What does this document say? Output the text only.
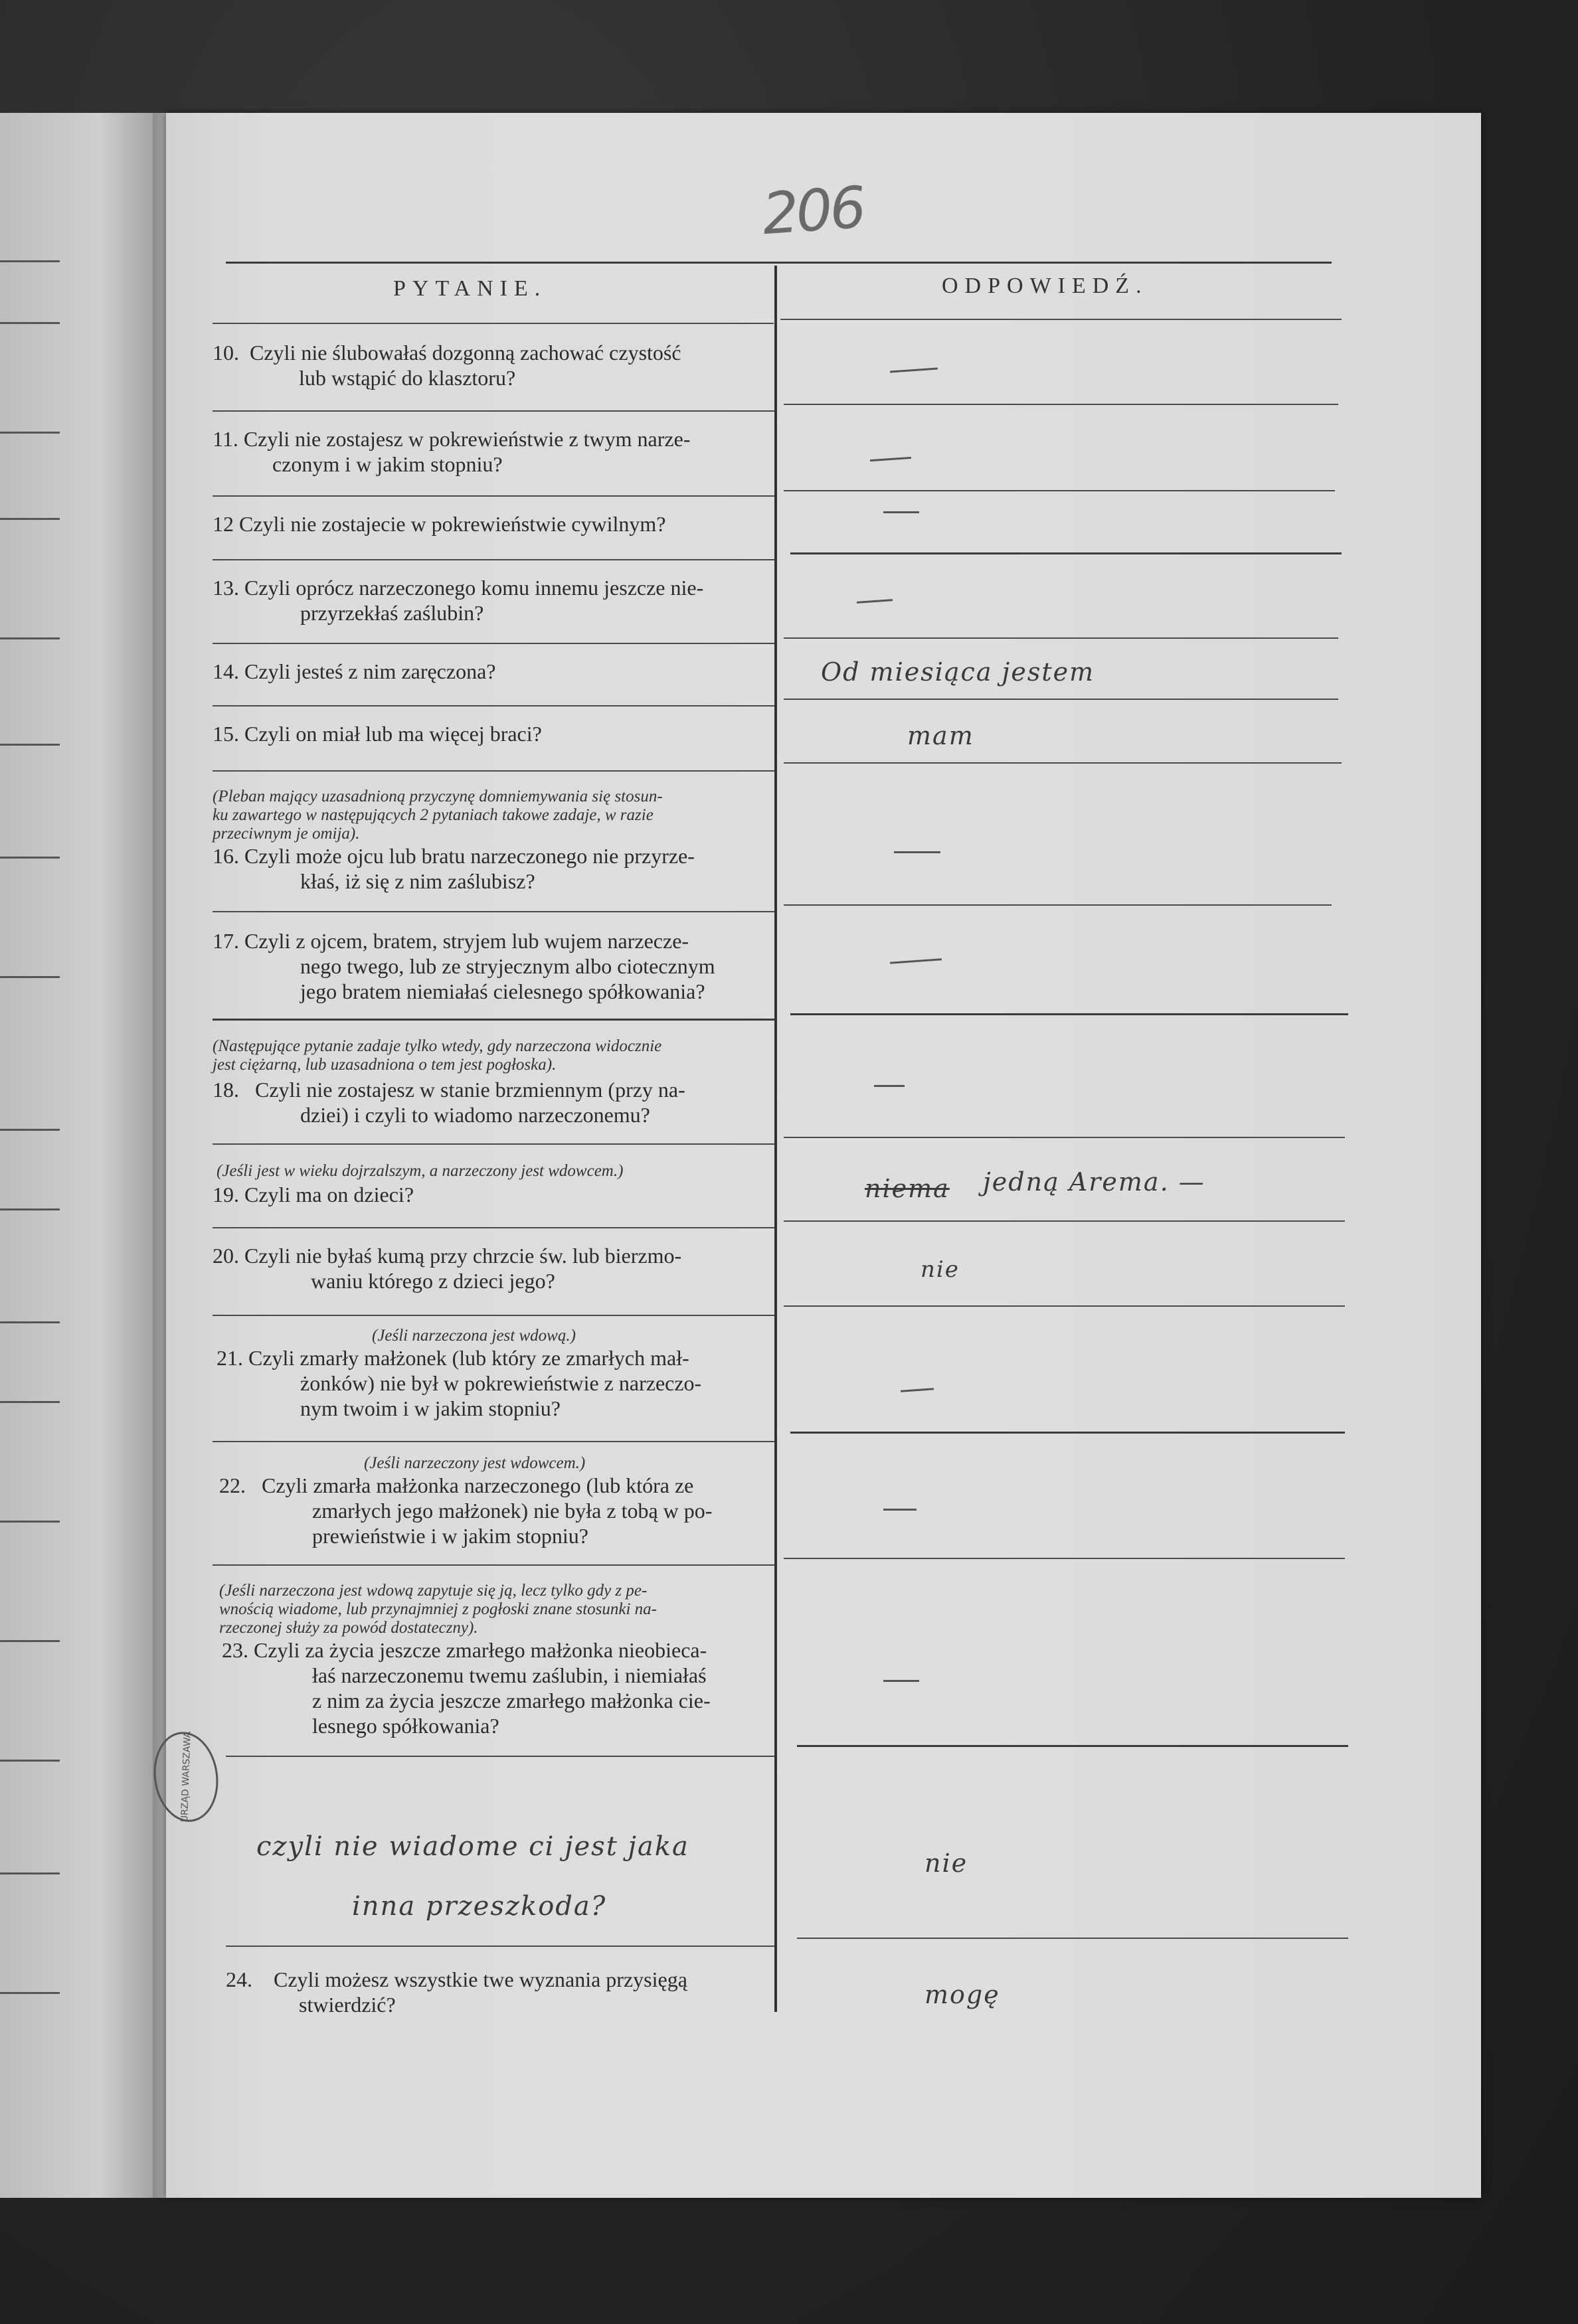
206
PYTANIE.	ODPOWIEDŹ.
10. Czyli nie ślubowałaś dozgonną zachować czystość
lub wstąpić do klasztoru?
11. Czyli nie zostajesz w pokrewieństwie z twym narze-
czonym i w jakim stopniu?
12 Czyli nie zostajecie w pokrewieństwie cywilnym?
13. Czyli oprócz narzeczonego komu innemu jeszcze nie-
przyrzekłaś zaślubin?
14. Czyli jesteś z nim zaręczona?
15. Czyli on miał lub ma więcej braci?
(Pleban mający uzasadnioną przyczynę domniemywania się stosun-
ku zawartego w następujących 2 pytaniach takowe zadaje, w razie
przeciwnym je omija).
16. Czyli może ojcu lub bratu narzeczonego nie przyrze-
kłaś, iż się z nim zaślubisz?
17. Czyli z ojcem, bratem, stryjem lub wujem narzecze-
nego twego, lub ze stryjecznym albo ciotecznym
jego bratem niemiałaś cielesnego spółkowania?
(Następujące pytanie zadaje tylko wtedy, gdy narzeczona widocznie
jest ciężarną, lub uzasadniona o tem jest pogłoska).
18. Czyli nie zostajesz w stanie brzmiennym (przy na-
dziei) i czyli to wiadomo narzeczonemu?
(Jeśli jest w wieku dojrzalszym, a narzeczony jest wdowcem.)
19. Czyli ma on dzieci?
20. Czyli nie byłaś kumą przy chrzcie św. lub bierzmo-
waniu którego z dzieci jego?
(Jeśli narzeczona jest wdową.)
21. Czyli zmarły małżonek (lub który ze zmarłych mał-
żonków) nie był w pokrewieństwie z narzeczo-
nym twoim i w jakim stopniu?
(Jeśli narzeczony jest wdowcem.)
22. Czyli zmarła małżonka narzeczonego (lub która ze
zmarłych jego małżonek) nie była z tobą w po-
prewieństwie i w jakim stopniu?
(Jeśli narzeczona jest wdową zapytuje się ją, lecz tylko gdy z pe-
wnością wiadome, lub przynajmniej z pogłoski znane stosunki na-
rzeczonej służy za powód dostateczny).
23. Czyli za życia jeszcze zmarłego małżonka nieobieca-
łaś narzeczonemu twemu zaślubin, i niemiałaś
z nim za życia jeszcze zmarłego małżonka cie-
lesnego spółkowania?
czyli nie wiadome ci jest jaka
inna przeszkoda?
24. Czyli możesz wszystkie twe wyznania przysięgą
stwierdzić?
Od miesiąca jestem
mam
niema jedną Arema. —
nie
nie
mogę
URZĄD WARSZAWA
